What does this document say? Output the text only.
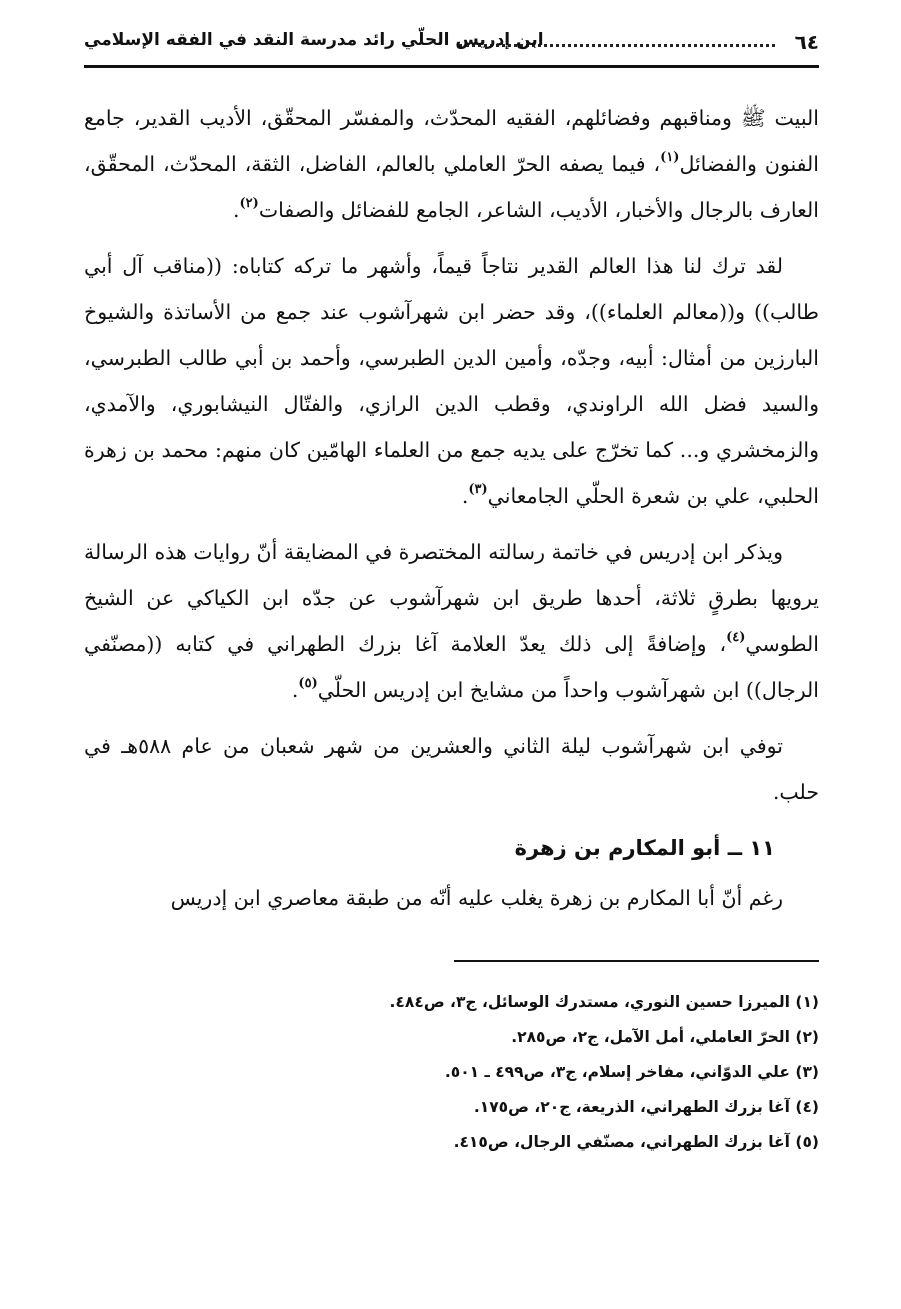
٦٤
ابن إدريس الحلّي رائد مدرسة النقد في الفقه الإسلامي

البيت ﷺ ومناقبهم وفضائلهم، الفقيه المحدّث، والمفسّر المحقّق، الأديب القدير، جامع الفنون والفضائل$^{(١)}$، فيما يصفه الحرّ العاملي بالعالم، الفاضل، الثقة، المحدّث، المحقّق، العارف بالرجال والأخبار، الأديب، الشاعر، الجامع للفضائل والصفات$^{(٢)}$.

لقد ترك لنا هذا العالم القدير نتاجاً قيماً، وأشهر ما تركه كتاباه: ((مناقب آل أبي طالب)) و((معالم العلماء))، وقد حضر ابن شهرآشوب عند جمع من الأساتذة والشيوخ البارزين من أمثال: أبيه، وجدّه، وأمين الدين الطبرسي، وأحمد بن أبي طالب الطبرسي، والسيد فضل الله الراوندي، وقطب الدين الرازي، والفتّال النيشابوري، والآمدي، والزمخشري و... كما تخرّج على يديه جمع من العلماء الهامّين كان منهم: محمد بن زهرة الحلبي، علي بن شعرة الحلّي الجامعاني$^{(٣)}$.

ويذكر ابن إدريس في خاتمة رسالته المختصرة في المضايقة أنّ روايات هذه الرسالة يرويها بطرقٍ ثلاثة، أحدها طريق ابن شهرآشوب عن جدّه ابن الكياكي عن الشيخ الطوسي$^{(٤)}$، وإضافةً إلى ذلك يعدّ العلامة آغا بزرك الطهراني في كتابه ((مصنّفي الرجال)) ابن شهرآشوب واحداً من مشايخ ابن إدريس الحلّي$^{(٥)}$.

توفي ابن شهرآشوب ليلة الثاني والعشرين من شهر شعبان من عام ٥٨٨هـ في حلب.

١١ ــ أبو المكارم بن زهرة

رغم أنّ أبا المكارم بن زهرة يغلب عليه أنّه من طبقة معاصري ابن إدريس

(١) الميرزا حسين النوري، مستدرك الوسائل، ج٣، ص٤٨٤.

(٢) الحرّ العاملي، أمل الآمل، ج٢، ص٢٨٥.

(٣) علي الدوّاني، مفاخر إسلام، ج٣، ص٤٩٩ ـ ٥٠١.

(٤) آغا بزرك الطهراني، الذريعة، ج٢٠، ص١٧٥.

(٥) آغا بزرك الطهراني، مصنّفي الرجال، ص٤١٥.
